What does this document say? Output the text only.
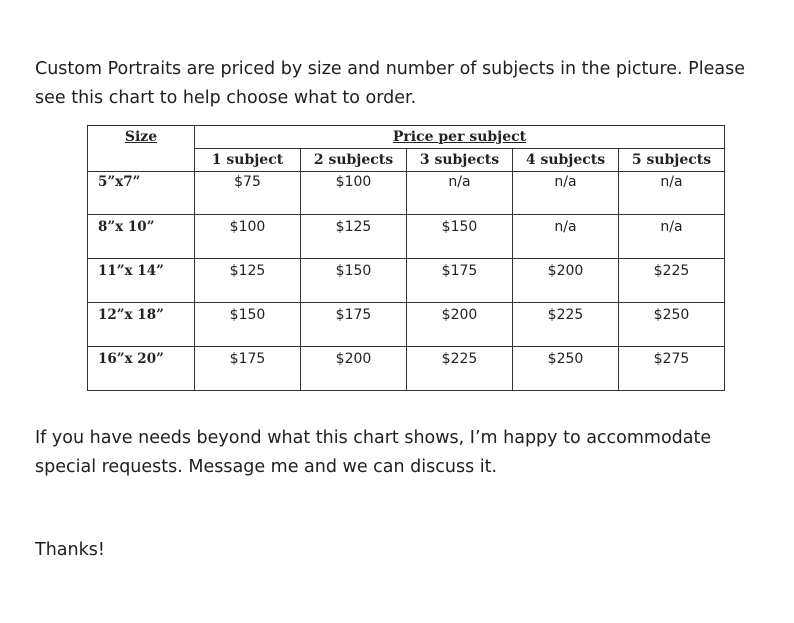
Custom Portraits are priced by size and number of subjects in the picture. Please
see this chart to help choose what to order.

Size	Price per subject				
	1 subject	2 subjects	3 subjects	4 subjects	5 subjects
5”x7”	$75	$100	n/a	n/a	n/a
8”x 10”	$100	$125	$150	n/a	n/a
11”x 14”	$125	$150	$175	$200	$225
12”x 18”	$150	$175	$200	$225	$250
16”x 20”	$175	$200	$225	$250	$275

If you have needs beyond what this chart shows, I’m happy to accommodate
special requests. Message me and we can discuss it.

Thanks!
